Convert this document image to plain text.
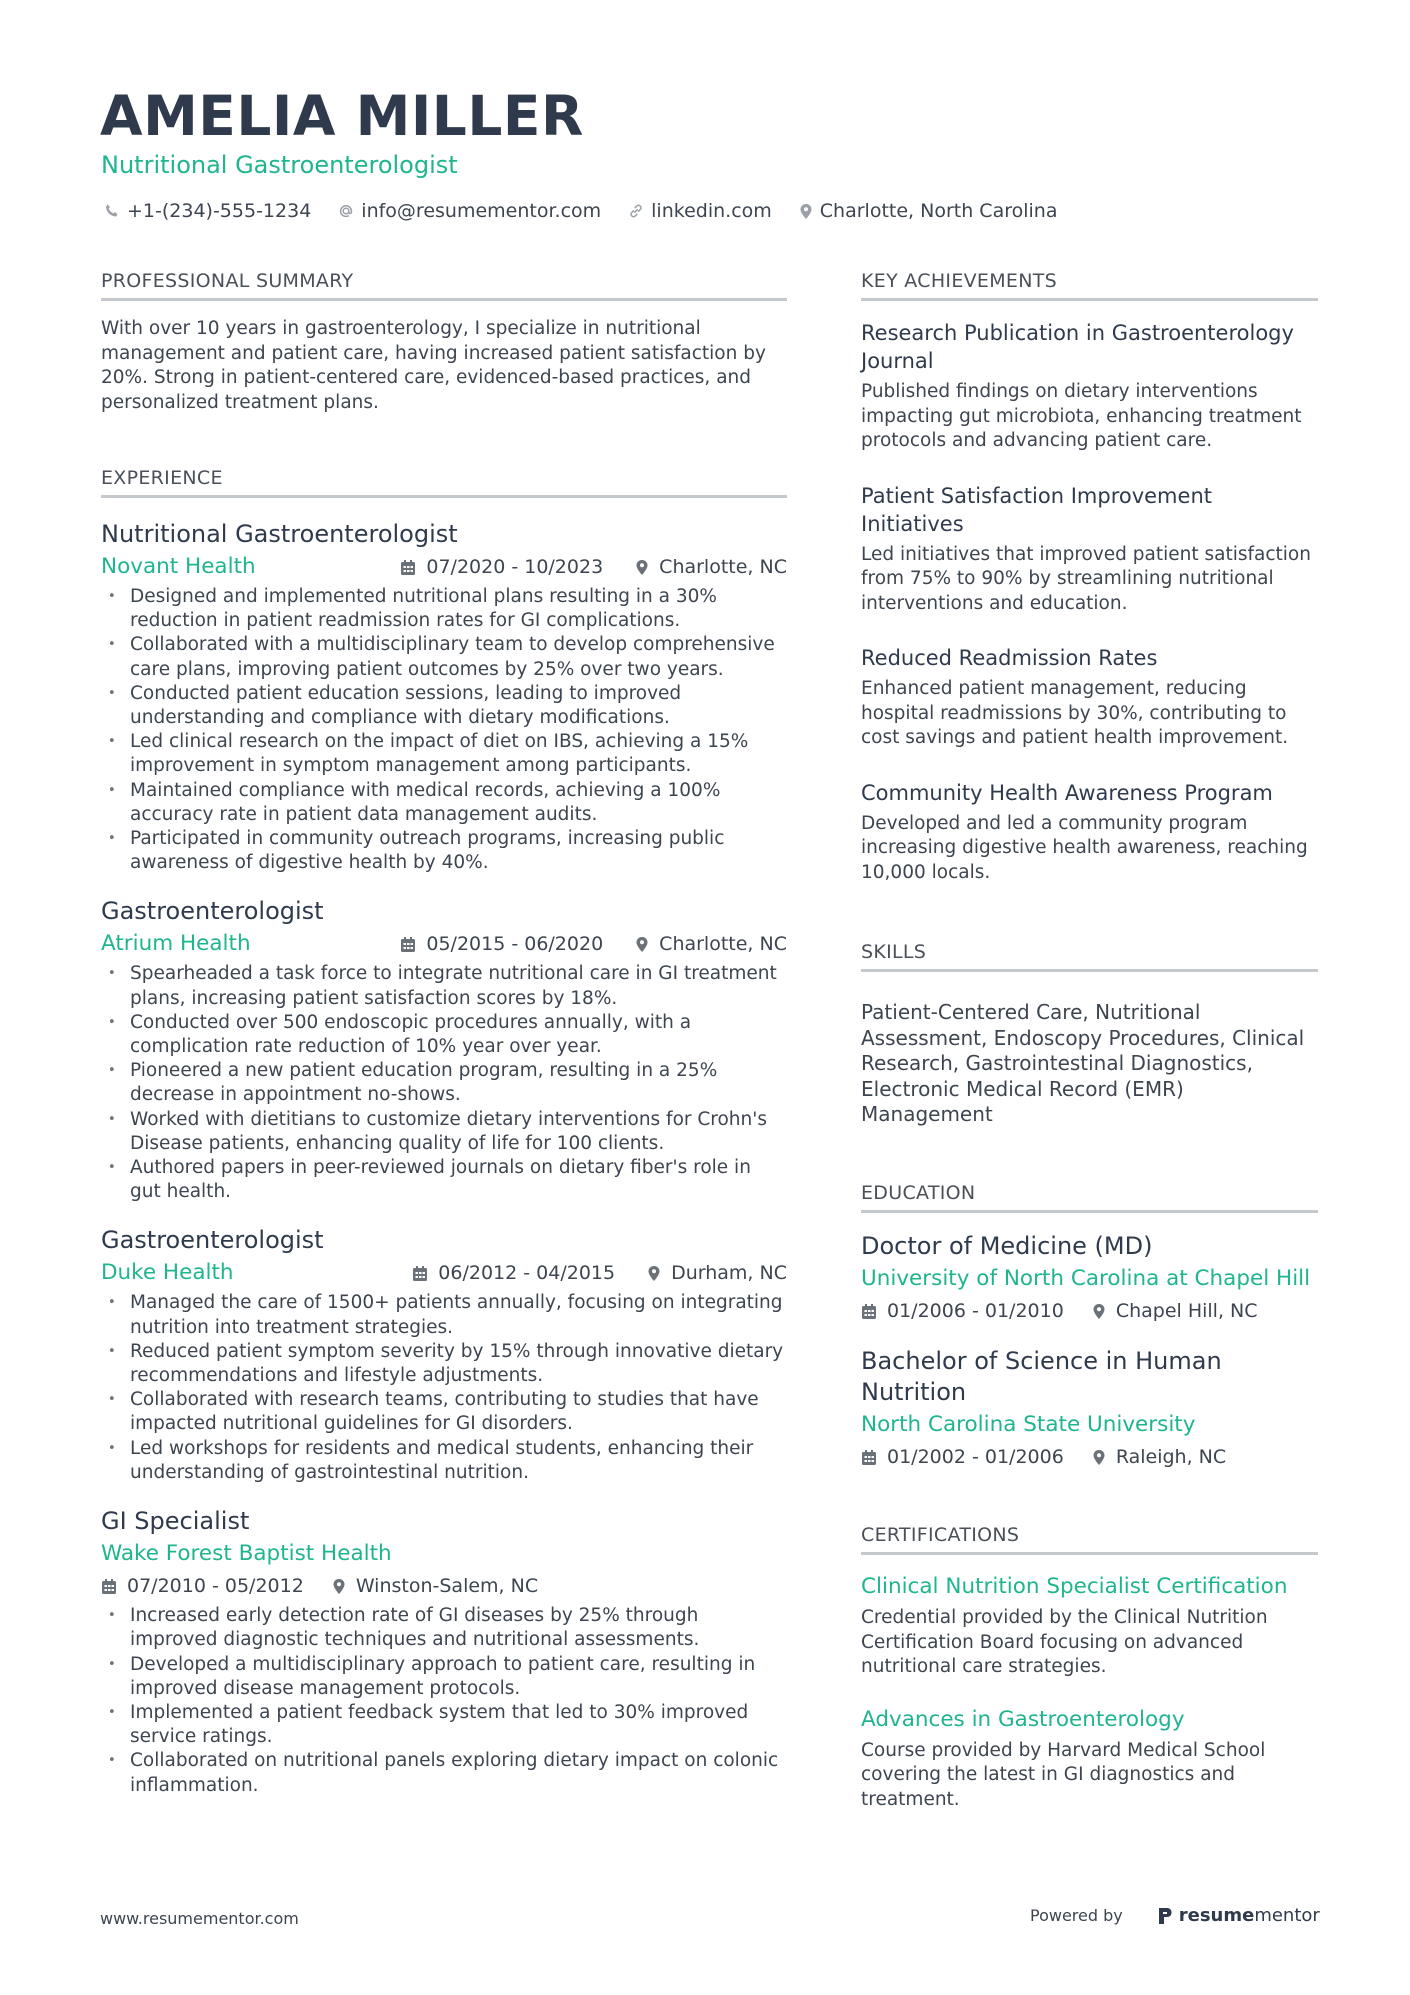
AMELIA MILLER
Nutritional Gastroenterologist
+1-(234)-555-1234	info@resumementor.com	linkedin.com	Charlotte, North Carolina
PROFESSIONAL SUMMARY

With over 10 years in gastroenterology, I specialize in nutritional management and patient care, having increased patient satisfaction by 20%. Strong in patient-centered care, evidenced-based practices, and personalized treatment plans.

EXPERIENCE
Nutritional Gastroenterologist
Novant Health	07/2020 - 10/2023	Charlotte, NC
• Designed and implemented nutritional plans resulting in a 30% reduction in patient readmission rates for GI complications.
• Collaborated with a multidisciplinary team to develop comprehensive care plans, improving patient outcomes by 25% over two years.
• Conducted patient education sessions, leading to improved understanding and compliance with dietary modifications.
• Led clinical research on the impact of diet on IBS, achieving a 15% improvement in symptom management among participants.
• Maintained compliance with medical records, achieving a 100% accuracy rate in patient data management audits.
• Participated in community outreach programs, increasing public awareness of digestive health by 40%.
Gastroenterologist
Atrium Health	05/2015 - 06/2020	Charlotte, NC
• Spearheaded a task force to integrate nutritional care in GI treatment plans, increasing patient satisfaction scores by 18%.
• Conducted over 500 endoscopic procedures annually, with a complication rate reduction of 10% year over year.
• Pioneered a new patient education program, resulting in a 25% decrease in appointment no-shows.
• Worked with dietitians to customize dietary interventions for Crohn's Disease patients, enhancing quality of life for 100 clients.
• Authored papers in peer-reviewed journals on dietary fiber's role in gut health.
Gastroenterologist
Duke Health	06/2012 - 04/2015	Durham, NC
• Managed the care of 1500+ patients annually, focusing on integrating nutrition into treatment strategies.
• Reduced patient symptom severity by 15% through innovative dietary recommendations and lifestyle adjustments.
• Collaborated with research teams, contributing to studies that have impacted nutritional guidelines for GI disorders.
• Led workshops for residents and medical students, enhancing their understanding of gastrointestinal nutrition.
GI Specialist
Wake Forest Baptist Health
07/2010 - 05/2012	Winston-Salem, NC
• Increased early detection rate of GI diseases by 25% through improved diagnostic techniques and nutritional assessments.
• Developed a multidisciplinary approach to patient care, resulting in improved disease management protocols.
• Implemented a patient feedback system that led to 30% improved service ratings.
• Collaborated on nutritional panels exploring dietary impact on colonic inflammation.
KEY ACHIEVEMENTS
Research Publication in Gastroenterology Journal

Published findings on dietary interventions impacting gut microbiota, enhancing treatment protocols and advancing patient care.

Patient Satisfaction Improvement Initiatives

Led initiatives that improved patient satisfaction from 75% to 90% by streamlining nutritional interventions and education.

Reduced Readmission Rates

Enhanced patient management, reducing hospital readmissions by 30%, contributing to cost savings and patient health improvement.

Community Health Awareness Program

Developed and led a community program increasing digestive health awareness, reaching 10,000 locals.

SKILLS

Patient-Centered Care, Nutritional Assessment, Endoscopy Procedures, Clinical Research, Gastrointestinal Diagnostics, Electronic Medical Record (EMR) Management

EDUCATION
Doctor of Medicine (MD)
University of North Carolina at Chapel Hill
01/2006 - 01/2010	Chapel Hill, NC
Bachelor of Science in Human Nutrition
North Carolina State University
01/2002 - 01/2006	Raleigh, NC
CERTIFICATIONS
Clinical Nutrition Specialist Certification

Credential provided by the Clinical Nutrition Certification Board focusing on advanced nutritional care strategies.

Advances in Gastroenterology

Course provided by Harvard Medical School covering the latest in GI diagnostics and treatment.

www.resumementor.com	Powered by	resume mentor
